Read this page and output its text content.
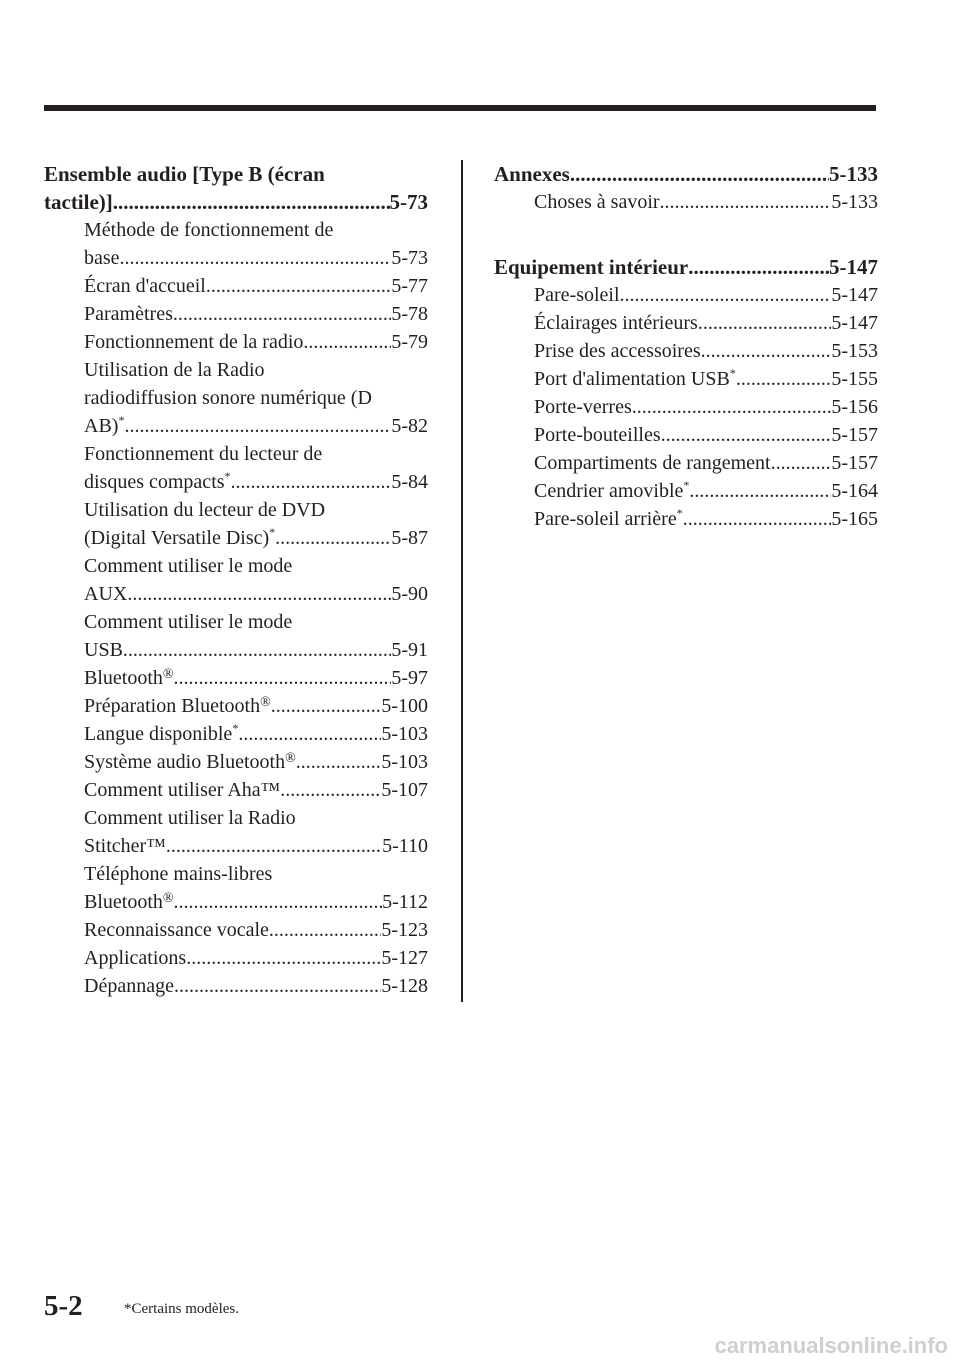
Ensemble audio [Type B (écran
tactile)] .....	5-73
Méthode de fonctionnement de
base .....	5-73
Écran d'accueil .....	5-77
Paramètres .....	5-78
Fonctionnement de la radio .....	5-79
Utilisation de la Radio
radiodiffusion sonore numérique (D
AB)* .....	5-82
Fonctionnement du lecteur de
disques compacts* .....	5-84
Utilisation du lecteur de DVD
(Digital Versatile Disc)* .....	5-87
Comment utiliser le mode
AUX .....	5-90
Comment utiliser le mode
USB .....	5-91
Bluetooth® .....	5-97
Préparation Bluetooth® .....	5-100
Langue disponible* .....	5-103
Système audio Bluetooth® .....	5-103
Comment utiliser Aha™ .....	5-107
Comment utiliser la Radio
Stitcher™ .....	5-110
Téléphone mains-libres
Bluetooth® .....	5-112
Reconnaissance vocale .....	5-123
Applications .....	5-127
Dépannage .....	5-128
Annexes .....	5-133
Choses à savoir .....	5-133
Equipement intérieur .....	5-147
Pare-soleil .....	5-147
Éclairages intérieurs .....	5-147
Prise des accessoires .....	5-153
Port d'alimentation USB* .....	5-155
Porte-verres .....	5-156
Porte-bouteilles .....	5-157
Compartiments de rangement .....	5-157
Cendrier amovible* .....	5-164
Pare-soleil arrière* .....	5-165
5-2	*Certains modèles.
carmanualsonline.info
